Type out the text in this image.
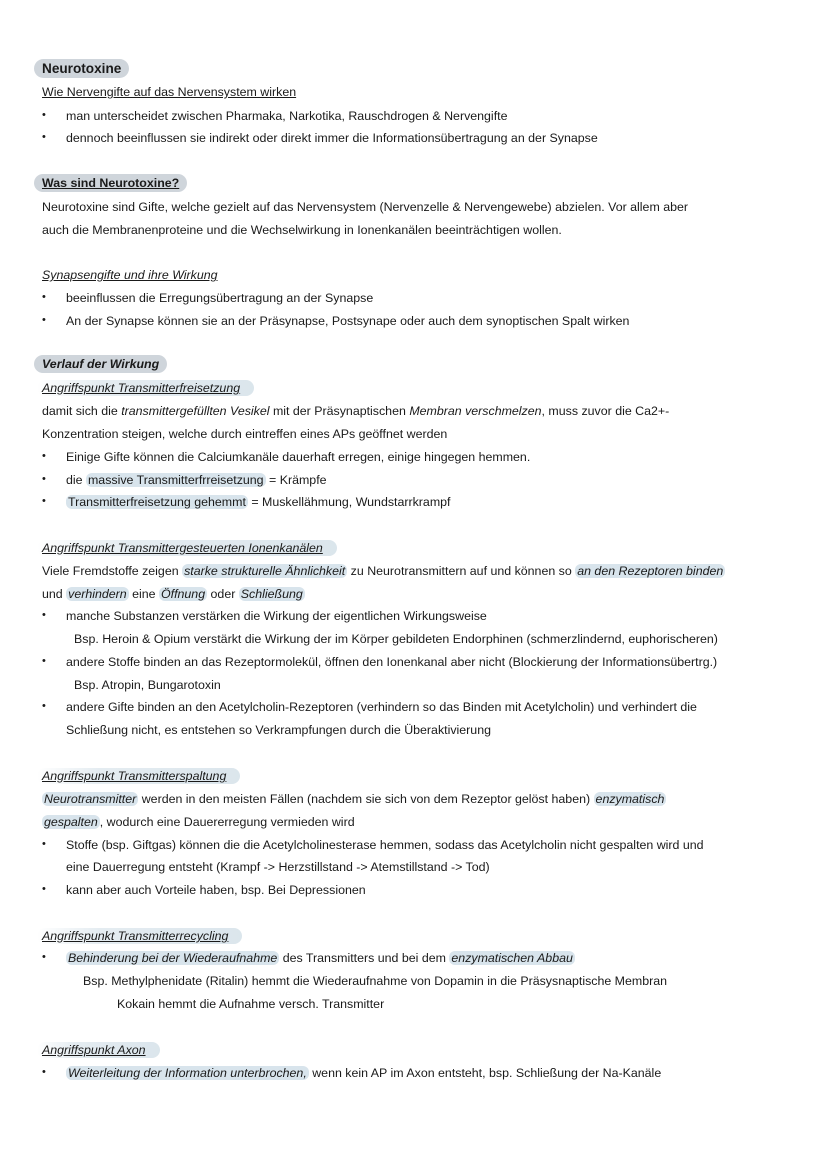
Neurotoxine
Wie Nervengifte auf das Nervensystem wirken
• man unterscheidet zwischen Pharmaka, Narkotika, Rauschdrogen & Nervengifte
• dennoch beeinflussen sie indirekt oder direkt immer die Informationsübertragung an der Synapse
Was sind Neurotoxine?
Neurotoxine sind Gifte, welche gezielt auf das Nervensystem (Nervenzelle & Nervengewebe) abzielen. Vor allem aber
auch die Membranenproteine und die Wechselwirkung in Ionenkanälen beeinträchtigen wollen.
Synapsengifte und ihre Wirkung
• beeinflussen die Erregungsübertragung an der Synapse
• An der Synapse können sie an der Präsynapse, Postsynape oder auch dem synoptischen Spalt wirken
Verlauf der Wirkung
Angriffspunkt Transmitterfreisetzung
damit sich die transmittergefüllten Vesikel mit der Präsynaptischen Membran verschmelzen, muss zuvor die Ca2+-
Konzentration steigen, welche durch eintreffen eines APs geöffnet werden
• Einige Gifte können die Calciumkanäle dauerhaft erregen, einige hingegen hemmen.
• die massive Transmitterfrreisetzung = Krämpfe
• Transmitterfreisetzung gehemmt = Muskellähmung, Wundstarrkrampf
Angriffspunkt Transmittergesteuerten Ionenkanälen
Viele Fremdstoffe zeigen starke strukturelle Ähnlichkeit zu Neurotransmittern auf und können so an den Rezeptoren binden
und verhindern eine Öffnung oder Schließung
• manche Substanzen verstärken die Wirkung der eigentlichen Wirkungsweise
Bsp. Heroin & Opium verstärkt die Wirkung der im Körper gebildeten Endorphinen (schmerzlindernd, euphorischeren)
• andere Stoffe binden an das Rezeptormolekül, öffnen den Ionenkanal aber nicht (Blockierung der Informationsübertrg.)
Bsp. Atropin, Bungarotoxin
• andere Gifte binden an den Acetylcholin-Rezeptoren (verhindern so das Binden mit Acetylcholin) und verhindert die
Schließung nicht, es entstehen so Verkrampfungen durch die Überaktivierung
Angriffspunkt Transmitterspaltung
Neurotransmitter werden in den meisten Fällen (nachdem sie sich von dem Rezeptor gelöst haben) enzymatisch
gespalten , wodurch eine Dauererregung vermieden wird
• Stoffe (bsp. Giftgas) können die die Acetylcholinesterase hemmen, sodass das Acetylcholin nicht gespalten wird und
eine Dauerregung entsteht (Krampf -> Herzstillstand -> Atemstillstand -> Tod)
• kann aber auch Vorteile haben, bsp. Bei Depressionen
Angriffspunkt Transmitterrecycling
• Behinderung bei der Wiederaufnahme des Transmitters und bei dem enzymatischen Abbau
Bsp. Methylphenidate (Ritalin) hemmt die Wiederaufnahme von Dopamin in die Präsysnaptische Membran
Kokain hemmt die Aufnahme versch. Transmitter
Angriffspunkt Axon
• Weiterleitung der Information unterbrochen, wenn kein AP im Axon entsteht, bsp. Schließung der Na-Kanäle
